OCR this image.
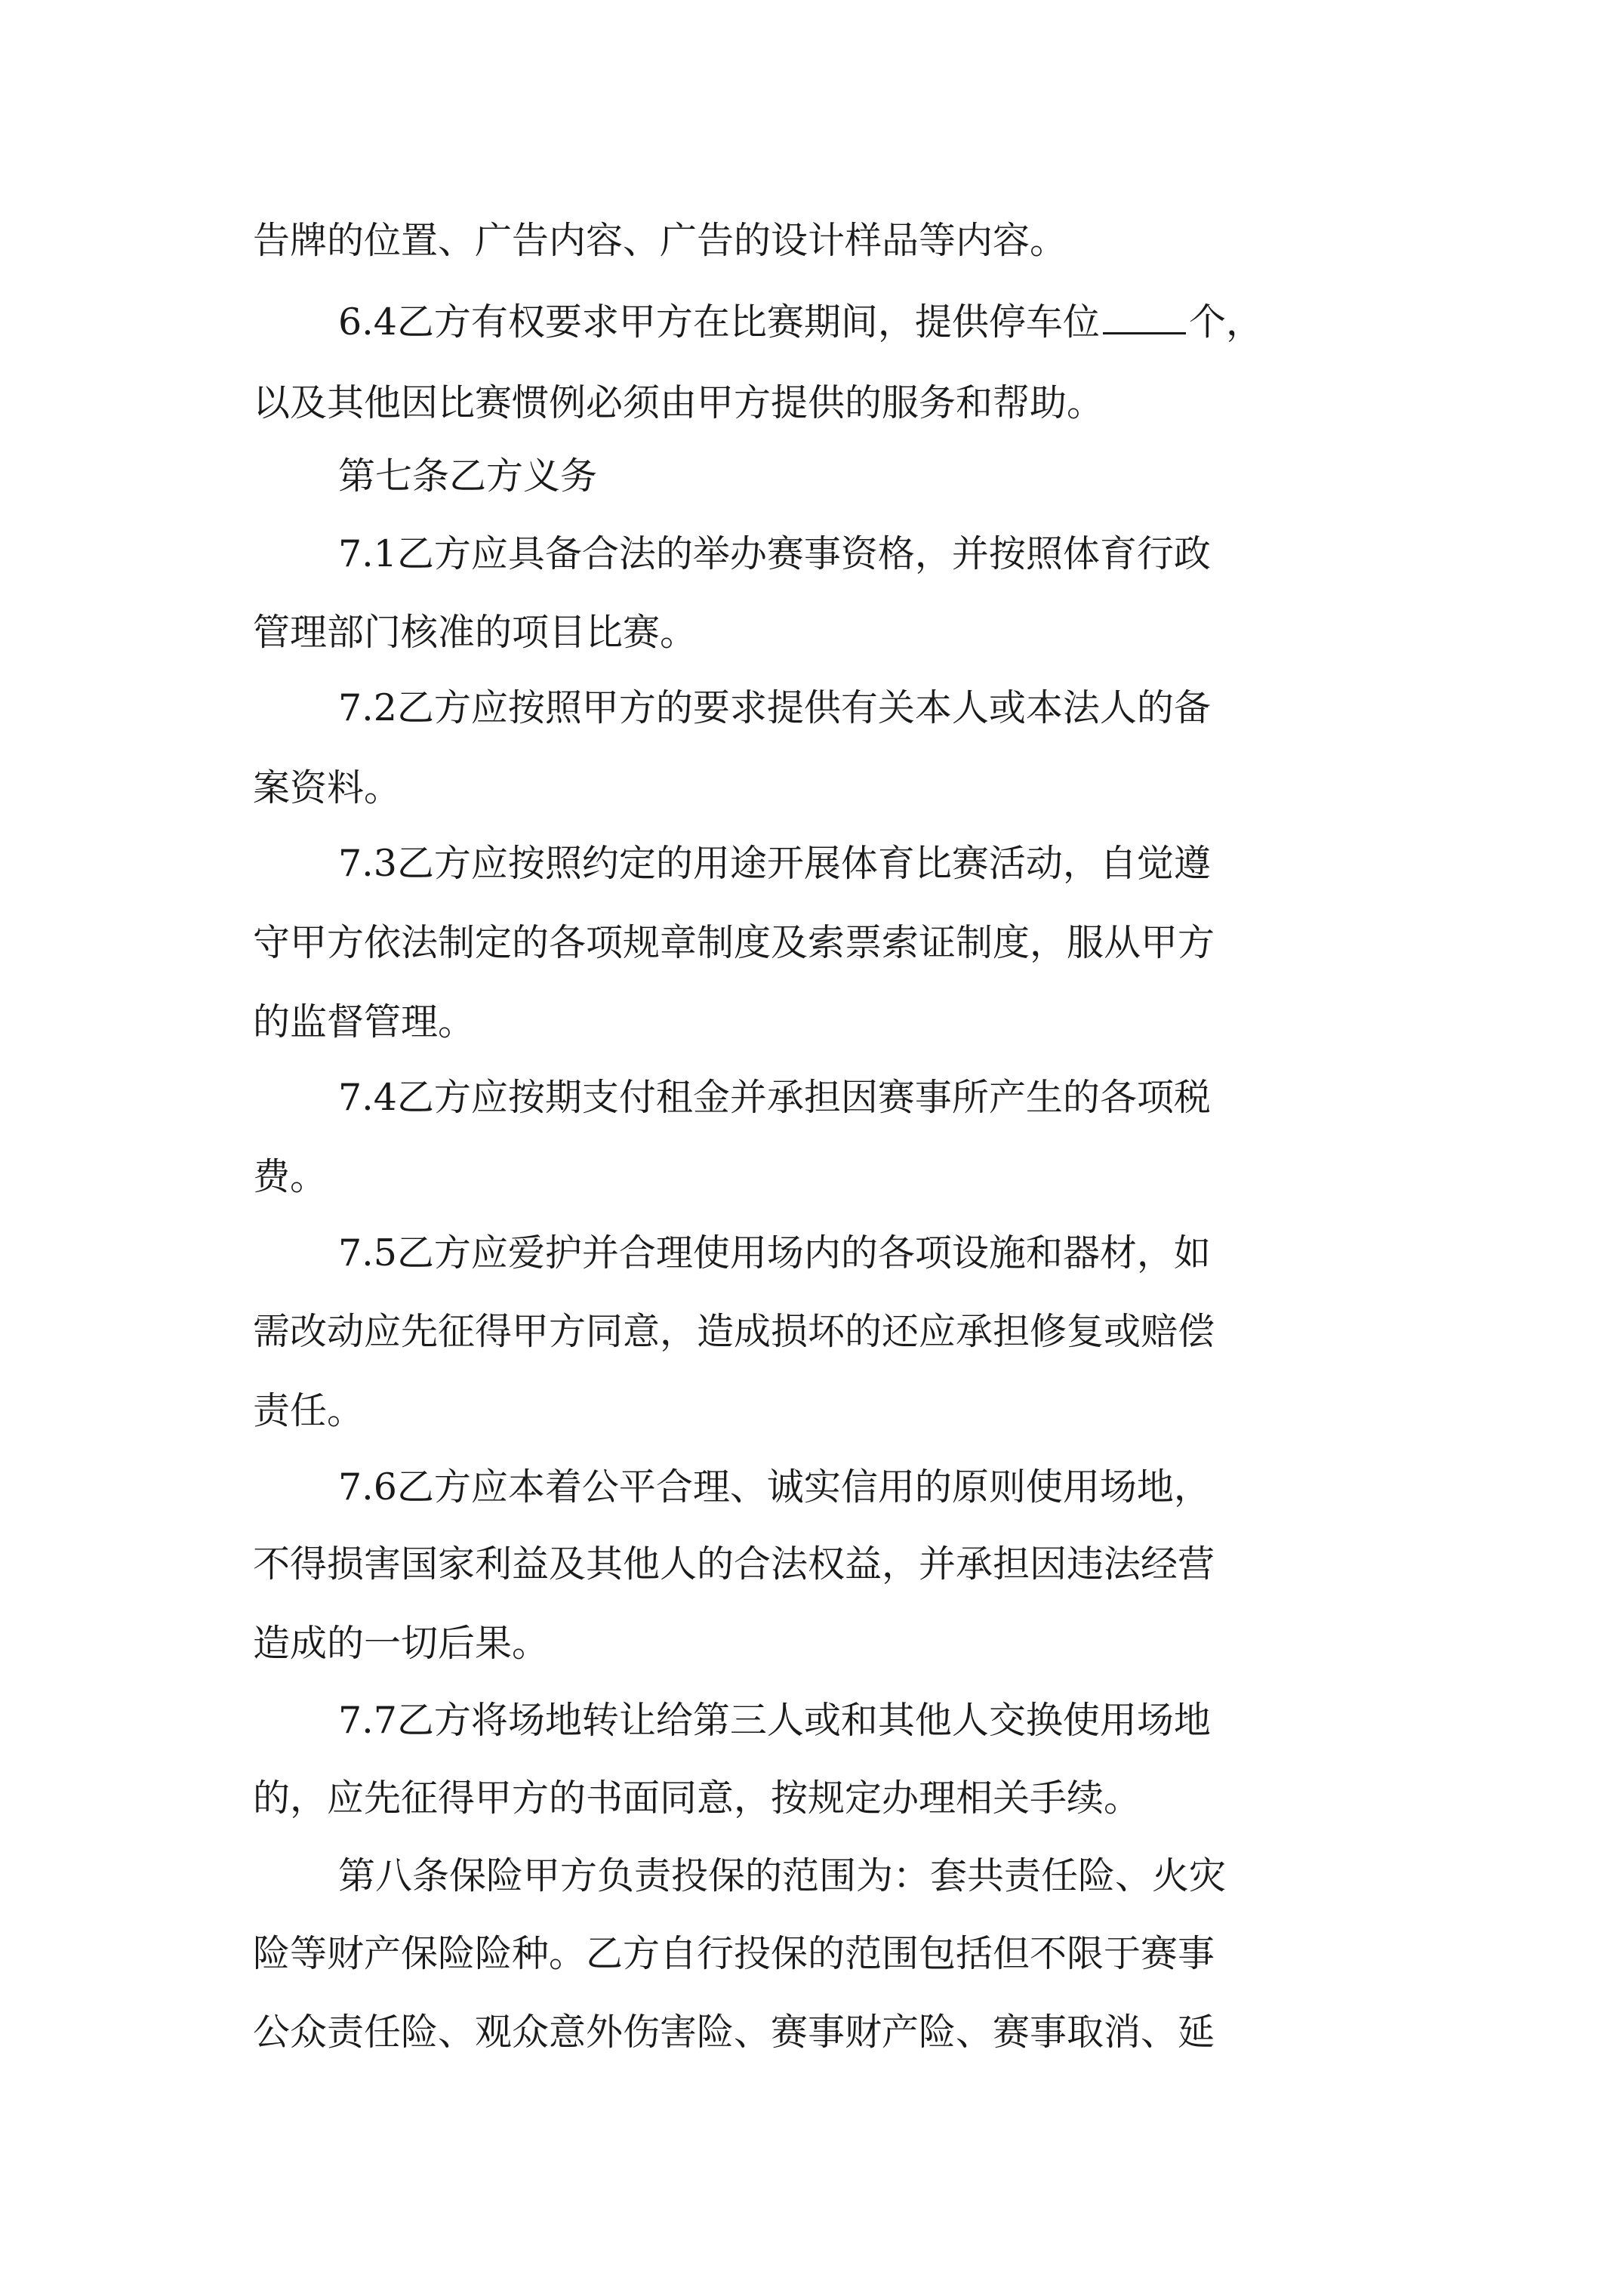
告牌的位置、广告内容、广告的设计样品等内容。
6.4乙方有权要求甲方在比赛期间，提供停车位 个，
以及其他因比赛惯例必须由甲方提供的服务和帮助。
第七条乙方义务
7.1乙方应具备合法的举办赛事资格，并按照体育行政
管理部门核准的项目比赛。
7.2乙方应按照甲方的要求提供有关本人或本法人的备
案资料。
7.3乙方应按照约定的用途开展体育比赛活动，自觉遵
守甲方依法制定的各项规章制度及索票索证制度，服从甲方
的监督管理。
7.4乙方应按期支付租金并承担因赛事所产生的各项税
费。
7.5乙方应爱护并合理使用场内的各项设施和器材，如
需改动应先征得甲方同意，造成损坏的还应承担修复或赔偿
责任。
7.6乙方应本着公平合理、诚实信用的原则使用场地，
不得损害国家利益及其他人的合法权益，并承担因违法经营
造成的一切后果。
7.7乙方将场地转让给第三人或和其他人交换使用场地
的，应先征得甲方的书面同意，按规定办理相关手续。
第八条保险甲方负责投保的范围为：套共责任险、火灾
险等财产保险险种。乙方自行投保的范围包括但不限于赛事
公众责任险、观众意外伤害险、赛事财产险、赛事取消、延
